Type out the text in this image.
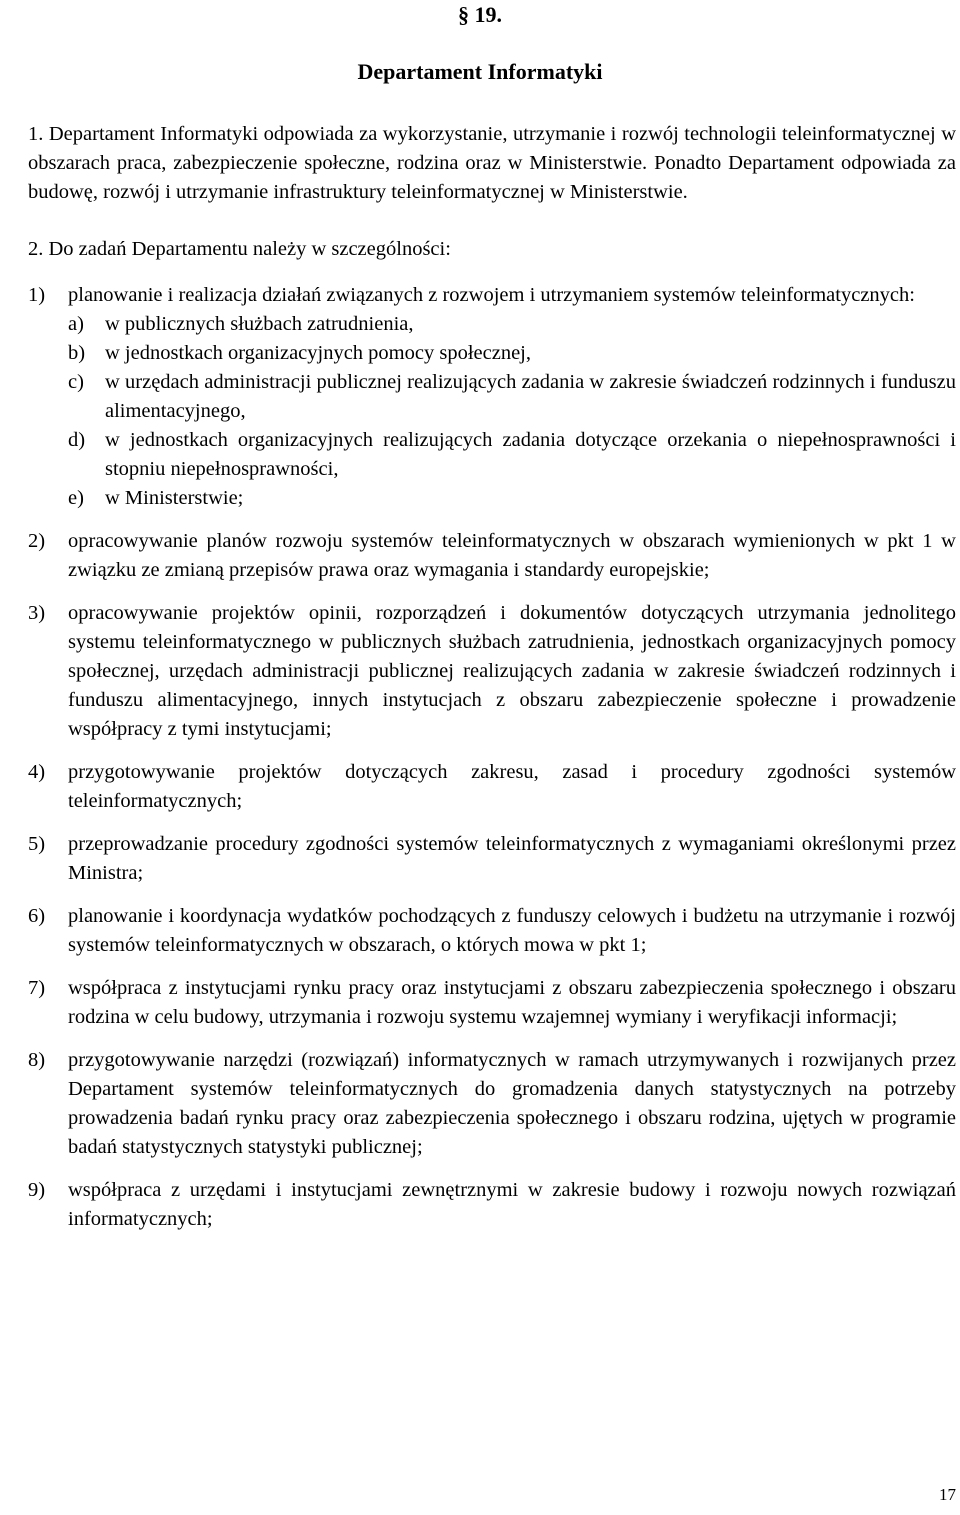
§ 19.
Departament Informatyki

1. Departament Informatyki odpowiada za wykorzystanie, utrzymanie i rozwój technologii teleinformatycznej w obszarach praca, zabezpieczenie społeczne, rodzina oraz w Ministerstwie. Ponadto Departament odpowiada za budowę, rozwój i utrzymanie infrastruktury teleinformatycznej w Ministerstwie.

2. Do zadań Departamentu należy w szczególności:

1) planowanie i realizacja działań związanych z rozwojem i utrzymaniem systemów teleinformatycznych:
a) w publicznych służbach zatrudnienia,
b) w jednostkach organizacyjnych pomocy społecznej,
c) w urzędach administracji publicznej realizujących zadania w zakresie świadczeń rodzinnych i funduszu alimentacyjnego,
d) w jednostkach organizacyjnych realizujących zadania dotyczące orzekania o niepełnosprawności i stopniu niepełnosprawności,
e) w Ministerstwie;
2) opracowywanie planów rozwoju systemów teleinformatycznych w obszarach wymienionych w pkt 1 w związku ze zmianą przepisów prawa oraz wymagania i standardy europejskie;
3) opracowywanie projektów opinii, rozporządzeń i dokumentów dotyczących utrzymania jednolitego systemu teleinformatycznego w publicznych służbach zatrudnienia, jednostkach organizacyjnych pomocy społecznej, urzędach administracji publicznej realizujących zadania w zakresie świadczeń rodzinnych i funduszu alimentacyjnego, innych instytucjach z obszaru zabezpieczenie społeczne i prowadzenie współpracy z tymi instytucjami;
4) przygotowywanie projektów dotyczących zakresu, zasad i procedury zgodności systemów teleinformatycznych;
5) przeprowadzanie procedury zgodności systemów teleinformatycznych z wymaganiami określonymi przez Ministra;
6) planowanie i koordynacja wydatków pochodzących z funduszy celowych i budżetu na utrzymanie i rozwój systemów teleinformatycznych w obszarach, o których mowa w pkt 1;
7) współpraca z instytucjami rynku pracy oraz instytucjami z obszaru zabezpieczenia społecznego i obszaru rodzina w celu budowy, utrzymania i rozwoju systemu wzajemnej wymiany i weryfikacji informacji;
8) przygotowywanie narzędzi (rozwiązań) informatycznych w ramach utrzymywanych i rozwijanych przez Departament systemów teleinformatycznych do gromadzenia danych statystycznych na potrzeby prowadzenia badań rynku pracy oraz zabezpieczenia społecznego i obszaru rodzina, ujętych w programie badań statystycznych statystyki publicznej;
9) współpraca z urzędami i instytucjami zewnętrznymi w zakresie budowy i rozwoju nowych rozwiązań informatycznych;
17
